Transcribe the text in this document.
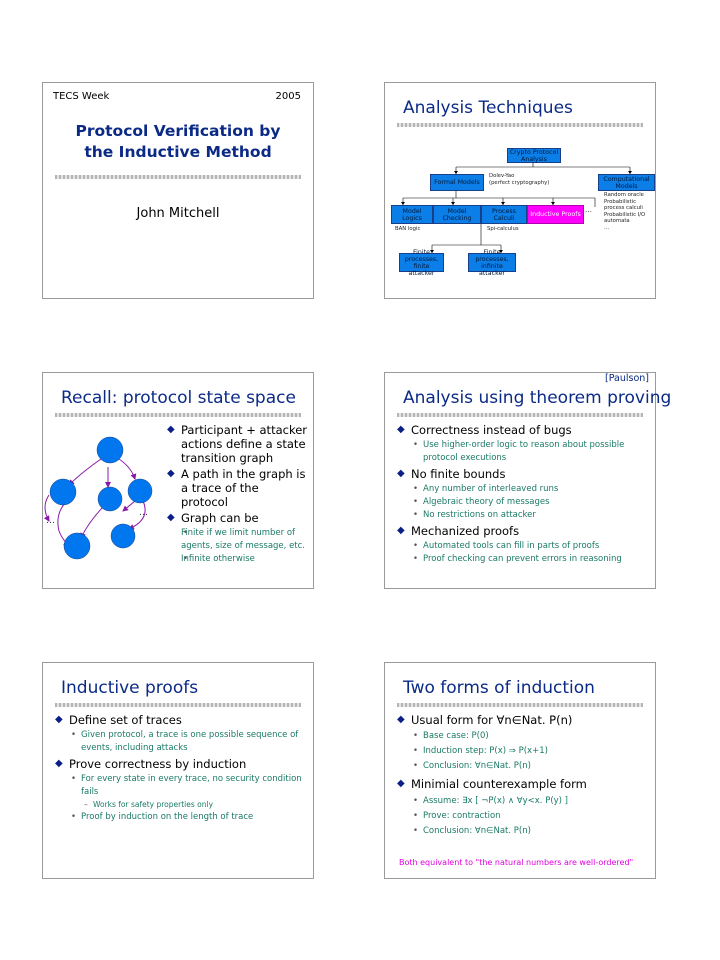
TECS Week	2005
Protocol Verification by
the Inductive Method
John Mitchell
Analysis Techniques
Crypto Protocol Analysis
Formal Models
Dolev-Yao
(perfect cryptography)	Computational Models
Random oracle
Probabilistic process calculi
Probabilistic I/O automata
…
Model Logics
Model Checking
Process Calculi	Inductive Proofs
…
BAN logic	Spi-calculus
Finite processes,
finite attacker
Finite processes,
infinite attacker
Recall: protocol state space
…
…
◆ Participant + attacker actions define a state transition graph
◆ A path in the graph is a trace of the protocol
◆ Graph can be
• Finite if we limit number of agents, size of message, etc.
• Infinite otherwise
[Paulson]
Analysis using theorem proving
◆ Correctness instead of bugs
• Use higher-order logic to reason about possible protocol executions
◆ No finite bounds
• Any number of interleaved runs
• Algebraic theory of messages
• No restrictions on attacker
◆ Mechanized proofs
• Automated tools can fill in parts of proofs
• Proof checking can prevent errors in reasoning
Inductive proofs
◆ Define set of traces
• Given protocol, a trace is one possible sequence of events, including attacks
◆ Prove correctness by induction
• For every state in every trace, no security condition fails
– Works for safety properties only
• Proof by induction on the length of trace
Two forms of induction
◆ Usual form for ∀n∈Nat. P(n)
• Base case: P(0)
• Induction step: P(x) ⇒ P(x+1)
• Conclusion: ∀n∈Nat. P(n)
◆ Minimial counterexample form
• Assume: ∃x [ ¬P(x) ∧ ∀y<x. P(y) ]
• Prove: contraction
• Conclusion: ∀n∈Nat. P(n)
Both equivalent to "the natural numbers are well-ordered"
